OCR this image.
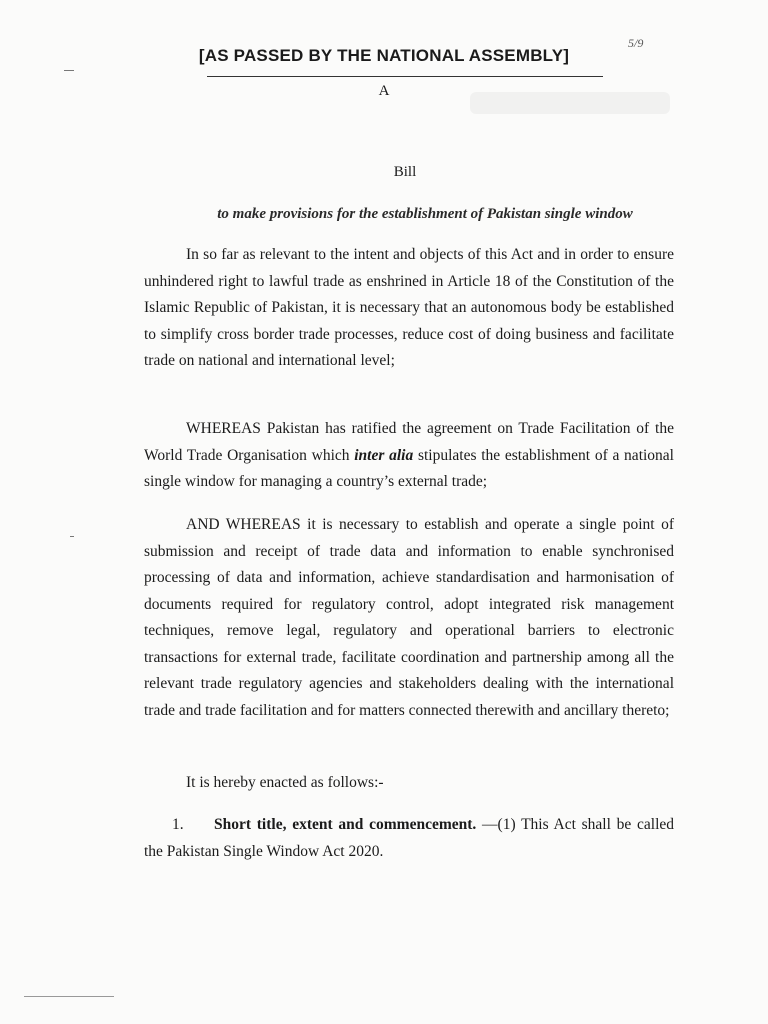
5/9
[AS PASSED BY THE NATIONAL ASSEMBLY]
A
Bill
to make provisions for the establishment of Pakistan single window
In so far as relevant to the intent and objects of this Act and in order to ensure unhindered right to lawful trade as enshrined in Article 18 of the Constitution of the Islamic Republic of Pakistan, it is necessary that an autonomous body be established to simplify cross border trade processes, reduce cost of doing business and facilitate trade on national and international level;
WHEREAS Pakistan has ratified the agreement on Trade Facilitation of the World Trade Organisation which inter alia stipulates the establishment of a national single window for managing a country’s external trade;
AND WHEREAS it is necessary to establish and operate a single point of submission and receipt of trade data and information to enable synchronised processing of data and information, achieve standardisation and harmonisation of documents required for regulatory control, adopt integrated risk management techniques, remove legal, regulatory and operational barriers to electronic transactions for external trade, facilitate coordination and partnership among all the relevant trade regulatory agencies and stakeholders dealing with the international trade and trade facilitation and for matters connected therewith and ancillary thereto;
It is hereby enacted as follows:-
1. Short title, extent and commencement. —(1) This Act shall be called the Pakistan Single Window Act 2020.
